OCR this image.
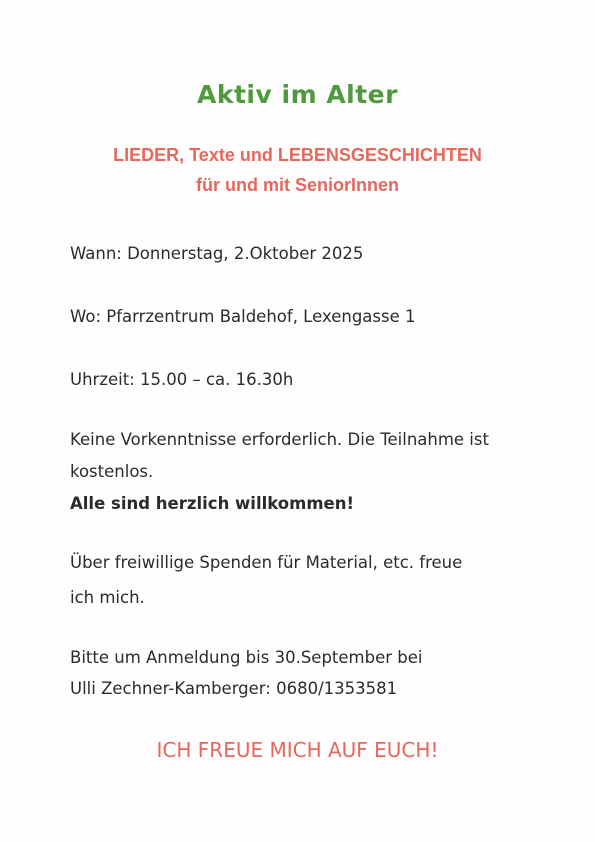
Aktiv im Alter

LIEDER, Texte und LEBENSGESCHICHTEN

für und mit SeniorInnen

Wann: Donnerstag, 2.Oktober 2025

Wo: Pfarrzentrum Baldehof, Lexengasse 1

Uhrzeit: 15.00 – ca. 16.30h

Keine Vorkenntnisse erforderlich. Die Teilnahme ist

kostenlos.

Alle sind herzlich willkommen!

Über freiwillige Spenden für Material, etc. freue

ich mich.

Bitte um Anmeldung bis 30.September bei

Ulli Zechner-Kamberger: 0680/1353581

ICH FREUE MICH AUF EUCH!
